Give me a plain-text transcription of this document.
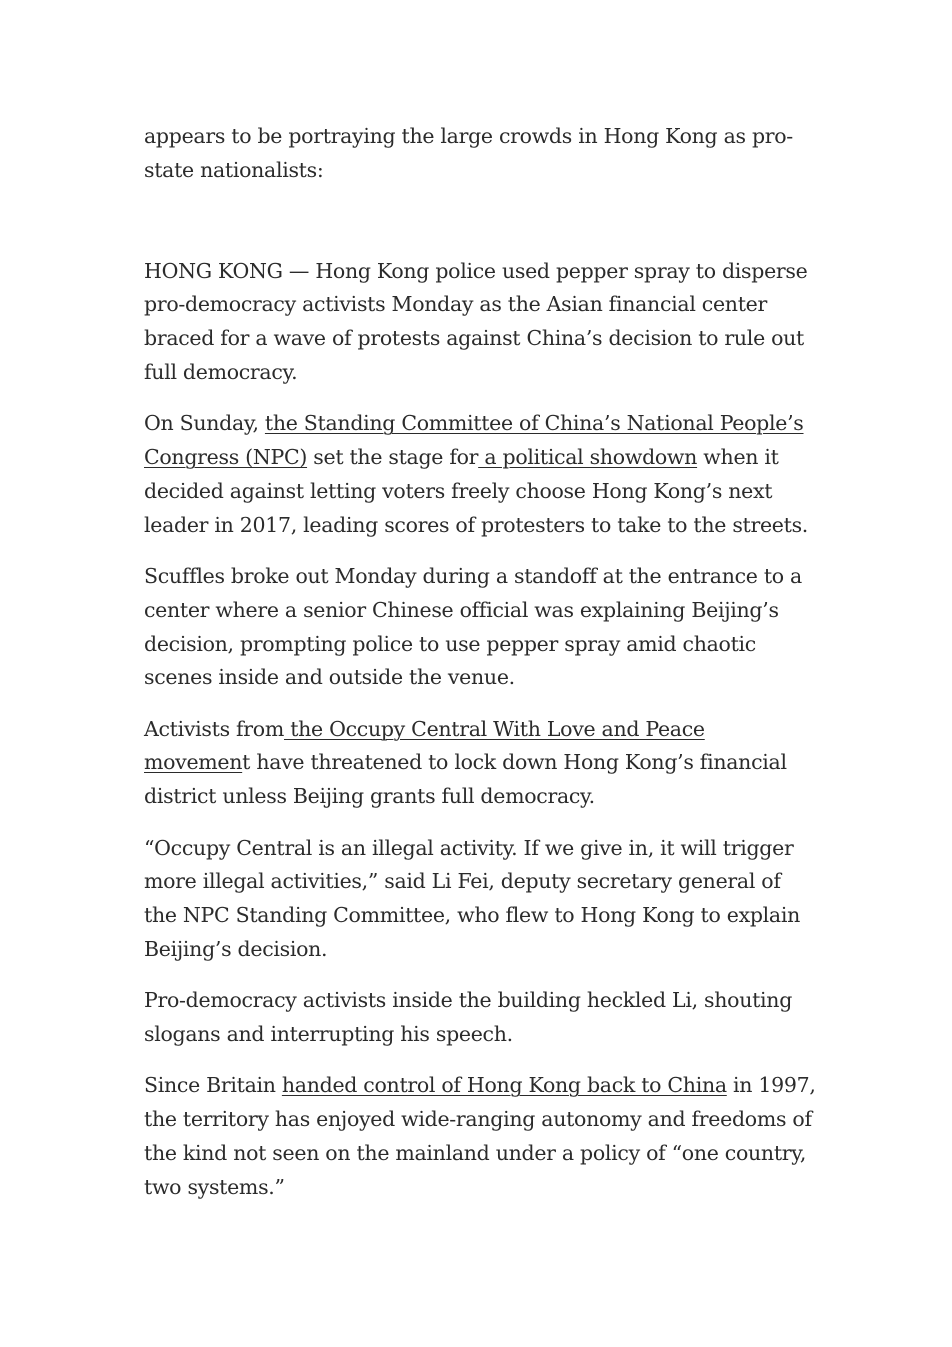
appears to be portraying the large crowds in Hong Kong as pro-state nationalists:

HONG KONG — Hong Kong police used pepper spray to disperse pro-democracy activists Monday as the Asian financial center braced for a wave of protests against China’s decision to rule out full democracy.

On Sunday, the Standing Committee of China’s National People’s Congress (NPC) set the stage for a political showdown when it decided against letting voters freely choose Hong Kong’s next leader in 2017, leading scores of protesters to take to the streets.

Scuffles broke out Monday during a standoff at the entrance to a center where a senior Chinese official was explaining Beijing’s decision, prompting police to use pepper spray amid chaotic scenes inside and outside the venue.

Activists from the Occupy Central With Love and Peace movement have threatened to lock down Hong Kong’s financial district unless Beijing grants full democracy.

“Occupy Central is an illegal activity. If we give in, it will trigger more illegal activities,” said Li Fei, deputy secretary general of the NPC Standing Committee, who flew to Hong Kong to explain Beijing’s decision.

Pro-democracy activists inside the building heckled Li, shouting slogans and interrupting his speech.

Since Britain handed control of Hong Kong back to China in 1997, the territory has enjoyed wide-ranging autonomy and freedoms of the kind not seen on the mainland under a policy of “one country, two systems.”
